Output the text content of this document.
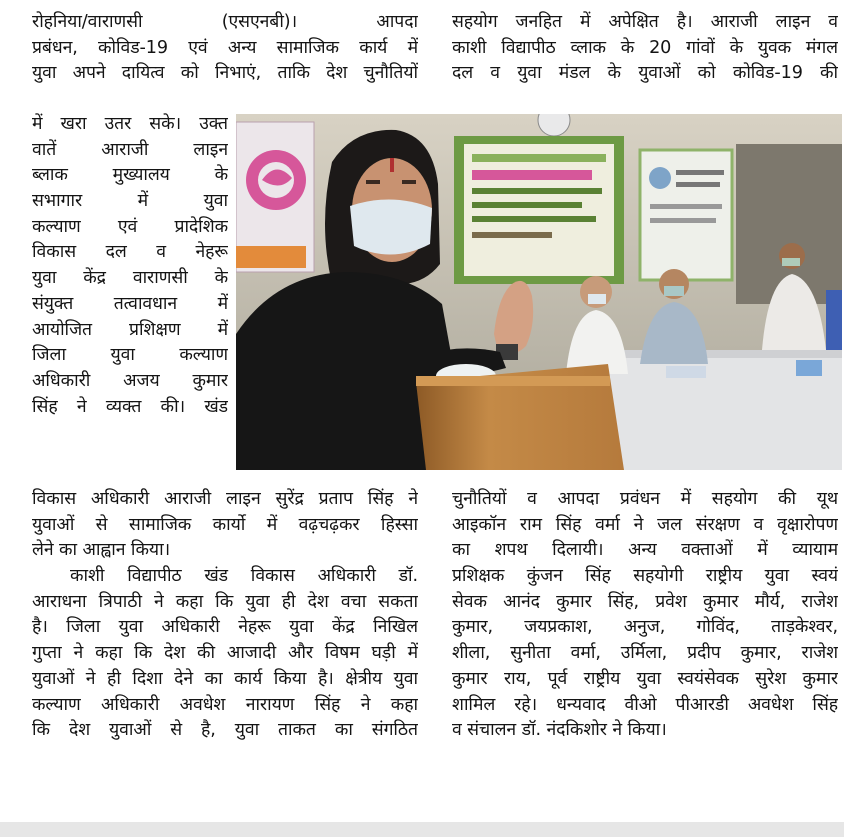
रोहनिया/वाराणसी (एसएनबी)। आपदा
प्रबंधन, कोविड-19 एवं अन्य सामाजिक कार्य में
युवा अपने दायित्व को निभाएं, ताकि देश चुनौतियों
में खरा उतर सके। उक्त
वातें आराजी लाइन
ब्लाक मुख्यालय के
सभागार में युवा
कल्याण एवं प्रादेशिक
विकास दल व नेहरू
युवा केंद्र वाराणसी के
संयुक्त तत्वावधान में
आयोजित प्रशिक्षण में
जिला युवा कल्याण
अधिकारी अजय कुमार
सिंह ने व्यक्त की। खंड
विकास अधिकारी आराजी लाइन सुरेंद्र प्रताप सिंह ने
युवाओं से सामाजिक कार्यो में वढ़चढ़कर हिस्सा
लेने का आह्वान किया।
काशी विद्यापीठ खंड विकास अधिकारी डॉ.
आराधना त्रिपाठी ने कहा कि युवा ही देश वचा सकता
है। जिला युवा अधिकारी नेहरू युवा केंद्र निखिल
गुप्ता ने कहा कि देश की आजादी और विषम घड़ी में
युवाओं ने ही दिशा देने का कार्य किया है। क्षेत्रीय युवा
कल्याण अधिकारी अवधेश नारायण सिंह ने कहा
कि देश युवाओं से है, युवा ताकत का संगठित
सहयोग जनहित में अपेक्षित है। आराजी लाइन व
काशी विद्यापीठ व्लाक के 20 गांवों के युवक मंगल
दल व युवा मंडल के युवाओं को कोविड-19 की
चुनौतियों व आपदा प्रवंधन में सहयोग की यूथ
आइकॉन राम सिंह वर्मा ने जल संरक्षण व वृक्षारोपण
का शपथ दिलायी। अन्य वक्ताओं में व्यायाम
प्रशिक्षक कुंजन सिंह सहयोगी राष्ट्रीय युवा स्वयं
सेवक आनंद कुमार सिंह, प्रवेश कुमार मौर्य, राजेश
कुमार, जयप्रकाश, अनुज, गोविंद, ताड़केश्वर,
शीला, सुनीता वर्मा, उर्मिला, प्रदीप कुमार, राजेश
कुमार राय, पूर्व राष्ट्रीय युवा स्वयंसेवक सुरेश कुमार
शामिल रहे। धन्यवाद वीओ पीआरडी अवधेश सिंह
व संचालन डॉ. नंदकिशोर ने किया।
